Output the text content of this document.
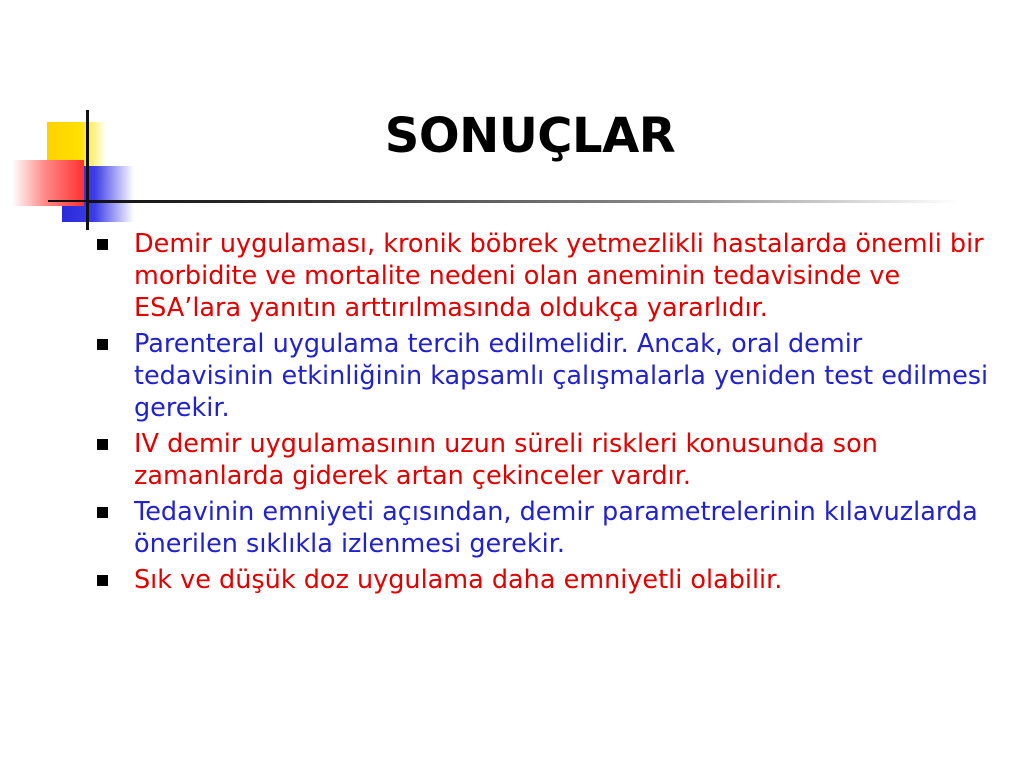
SONUÇLAR
Demir uygulaması, kronik böbrek yetmezlikli hastalarda önemli bir morbidite ve mortalite nedeni olan aneminin tedavisinde ve ESA’lara yanıtın arttırılmasında oldukça yararlıdır.
Parenteral uygulama tercih edilmelidir. Ancak, oral demir tedavisinin etkinliğinin kapsamlı çalışmalarla yeniden test edilmesi gerekir.
IV demir uygulamasının uzun süreli riskleri konusunda son zamanlarda giderek artan çekinceler vardır.
Tedavinin emniyeti açısından, demir parametrelerinin kılavuzlarda önerilen sıklıkla izlenmesi gerekir.
Sık ve düşük doz uygulama daha emniyetli olabilir.
